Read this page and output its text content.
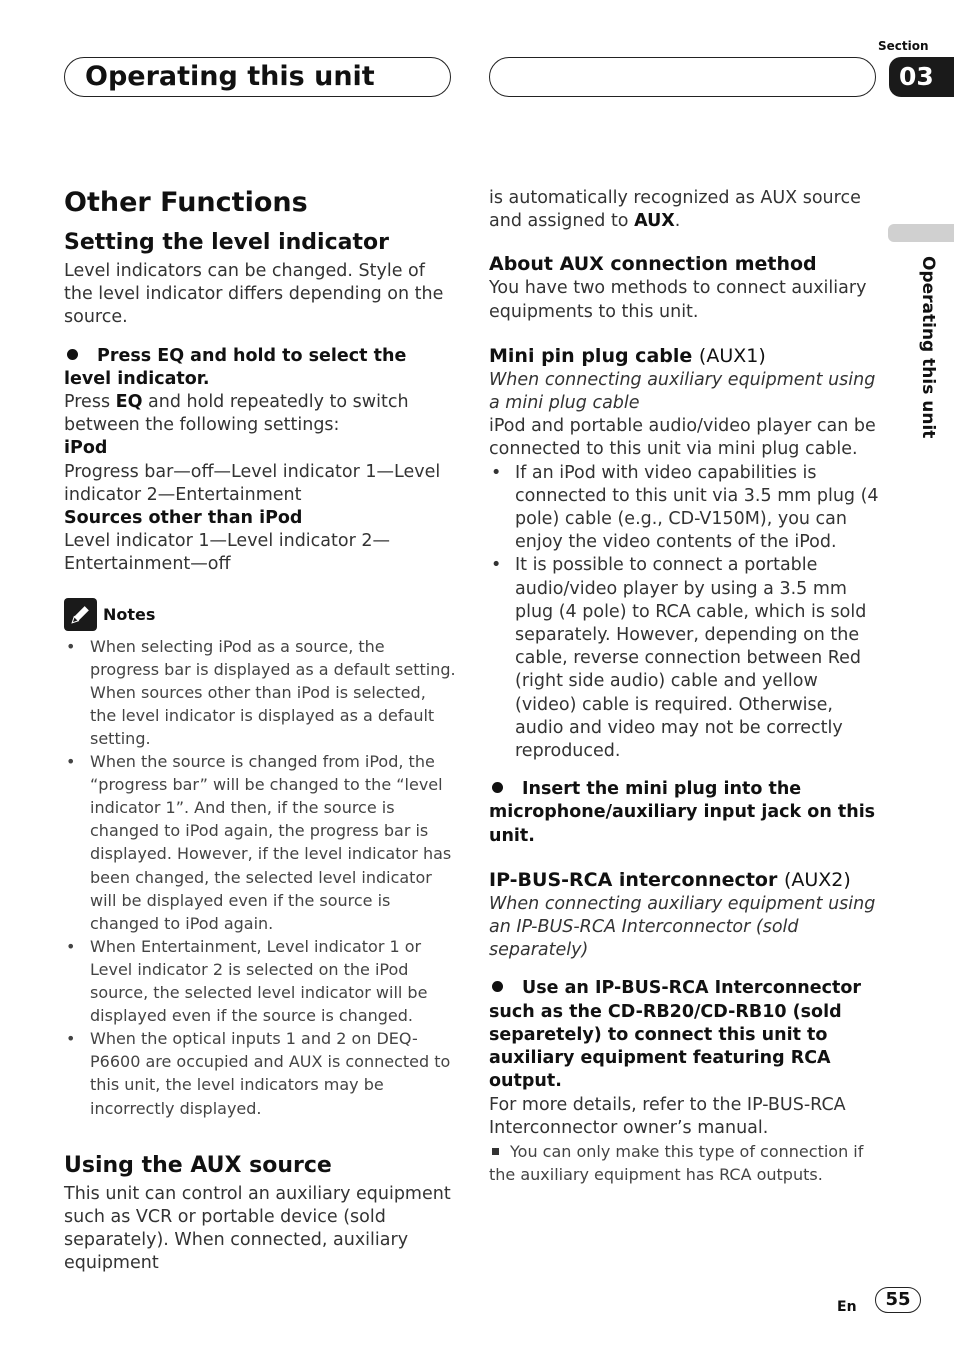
Operating this unit
Section
03
Operating this unit
Other Functions
Setting the level indicator

Level indicators can be changed. Style of the level indicator differs depending on the source.

Press EQ and hold to select the level indicator.

Press EQ and hold repeatedly to switch between the following settings:

iPod

Progress bar—off—Level indicator 1—Level indicator 2—Entertainment

Sources other than iPod

Level indicator 1—Level indicator 2—Entertainment—off

Notes
• When selecting iPod as a source, the progress bar is displayed as a default setting. When sources other than iPod is selected, the level indicator is displayed as a default setting.
• When the source is changed from iPod, the “progress bar” will be changed to the “level indicator 1”. And then, if the source is changed to iPod again, the progress bar is displayed. However, if the level indicator has been changed, the selected level indicator will be displayed even if the source is changed to iPod again.
• When Entertainment, Level indicator 1 or Level indicator 2 is selected on the iPod source, the selected level indicator will be displayed even if the source is changed.
• When the optical inputs 1 and 2 on DEQ-P6600 are occupied and AUX is connected to this unit, the level indicators may be incorrectly displayed.
Using the AUX source

This unit can control an auxiliary equipment such as VCR or portable device (sold separately). When connected, auxiliary equipment

is automatically recognized as AUX source and assigned to AUX.

About AUX connection method

You have two methods to connect auxiliary equipments to this unit.

Mini pin plug cable (AUX1)

When connecting auxiliary equipment using a mini plug cable

iPod and portable audio/video player can be connected to this unit via mini plug cable.

• If an iPod with video capabilities is connected to this unit via 3.5 mm plug (4 pole) cable (e.g., CD-V150M), you can enjoy the video contents of the iPod.
• It is possible to connect a portable audio/video player by using a 3.5 mm plug (4 pole) to RCA cable, which is sold separately. However, depending on the cable, reverse connection between Red (right side audio) cable and yellow (video) cable is required. Otherwise, audio and video may not be correctly reproduced.

Insert the mini plug into the microphone/auxiliary input jack on this unit.

IP-BUS-RCA interconnector (AUX2)

When connecting auxiliary equipment using an IP-BUS-RCA Interconnector (sold separately)

Use an IP-BUS-RCA Interconnector such as the CD-RB20/CD-RB10 (sold separetely) to connect this unit to auxiliary equipment featuring RCA output.

For more details, refer to the IP-BUS-RCA Interconnector owner’s manual.

You can only make this type of connection if the auxiliary equipment has RCA outputs.

En	55
